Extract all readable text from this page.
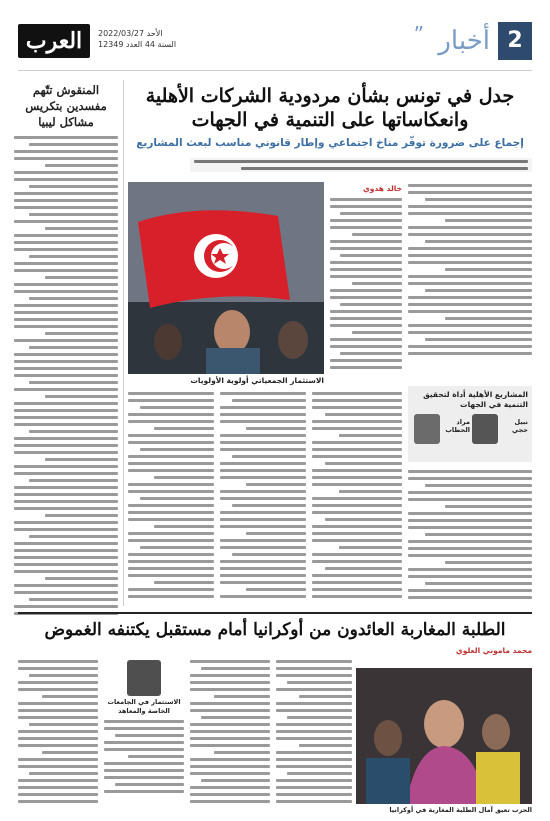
العرب	الأحد 2022/03/27
السنة 44 العدد 12349	2
أخبار
”
المنقوش تتّهم مفسدين بتكريس مشاكل ليبيا
جدل في تونس بشأن مردودية الشركات الأهلية وانعكاساتها على التنمية في الجهات
إجماع على ضرورة توفّر مناخ اجتماعي وإطار قانوني مناسب لبعث المشاريع
الاستثمار الجمعياتي أولوية الأولويات
خالد هدوي
المشاريع الأهلية أداة لتحقيق التنمية في الجهات
نبيل حجي
مراد الحطاب
الطلبة المغاربة العائدون من أوكرانيا أمام مستقبل يكتنفه الغموض
محمد ماموني العلوي
الاستثمار في الجامعات الخاصة والمعاهد
الحرب تعيق آمال الطلبة المغاربة في أوكرانيا
